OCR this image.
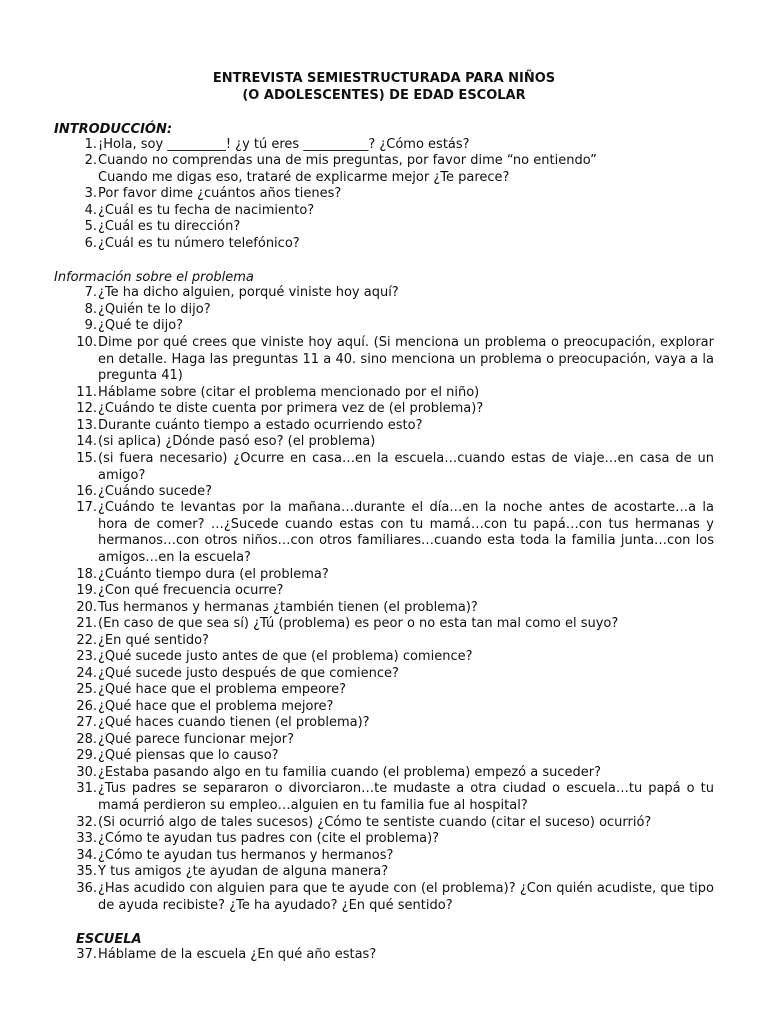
ENTREVISTA SEMIESTRUCTURADA PARA NIÑOS
(O ADOLESCENTES) DE EDAD ESCOLAR
INTRODUCCIÓN:
1. ¡Hola, soy _________! ¿y tú eres __________? ¿Cómo estás?
2. Cuando no comprendas una de mis preguntas, por favor dime “no entiendo”
Cuando me digas eso, trataré de explicarme mejor ¿Te parece?
3. Por favor dime ¿cuántos años tienes?
4. ¿Cuál es tu fecha de nacimiento?
5. ¿Cuál es tu dirección?
6. ¿Cuál es tu número telefónico?
Información sobre el problema
7. ¿Te ha dicho alguien, porqué viniste hoy aquí?
8. ¿Quién te lo dijo?
9. ¿Qué te dijo?
10. Dime por qué crees que viniste hoy aquí. (Si menciona un problema o preocupación, explorar en detalle. Haga las preguntas 11 a 40. sino menciona un problema o preocupación, vaya a la pregunta 41)
11. Háblame sobre (citar el problema mencionado por el niño)
12. ¿Cuándo te diste cuenta por primera vez de (el problema)?
13. Durante cuánto tiempo a estado ocurriendo esto?
14. (si aplica) ¿Dónde pasó eso? (el problema)
15. (si fuera necesario) ¿Ocurre en casa…en la escuela…cuando estas de viaje…en casa de un amigo?
16. ¿Cuándo sucede?
17. ¿Cuándo te levantas por la mañana…durante el día…en la noche antes de acostarte…a la hora de comer? …¿Sucede cuando estas con tu mamá…con tu papá…con tus hermanas y hermanos…con otros niños…con otros familiares…cuando esta toda la familia junta…con los amigos…en la escuela?
18. ¿Cuánto tiempo dura (el problema?
19. ¿Con qué frecuencia ocurre?
20. Tus hermanos y hermanas ¿también tienen (el problema)?
21. (En caso de que sea sí) ¿Tú (problema) es peor o no esta tan mal como el suyo?
22. ¿En qué sentido?
23. ¿Qué sucede justo antes de que (el problema) comience?
24. ¿Qué sucede justo después de que comience?
25. ¿Qué hace que el problema empeore?
26. ¿Qué hace que el problema mejore?
27. ¿Qué haces cuando tienen (el problema)?
28. ¿Qué parece funcionar mejor?
29. ¿Qué piensas que lo causo?
30. ¿Estaba pasando algo en tu familia cuando (el problema) empezó a suceder?
31. ¿Tus padres se separaron o divorciaron…te mudaste a otra ciudad o escuela…tu papá o tu mamá perdieron su empleo…alguien en tu familia fue al hospital?
32. (Si ocurrió algo de tales sucesos) ¿Cómo te sentiste cuando (citar el suceso) ocurrió?
33. ¿Cómo te ayudan tus padres con (cite el problema)?
34. ¿Cómo te ayudan tus hermanos y hermanos?
35. Y tus amigos ¿te ayudan de alguna manera?
36. ¿Has acudido con alguien para que te ayude con (el problema)? ¿Con quién acudiste, que tipo de ayuda recibiste? ¿Te ha ayudado? ¿En qué sentido?
ESCUELA
37. Háblame de la escuela ¿En qué año estas?
